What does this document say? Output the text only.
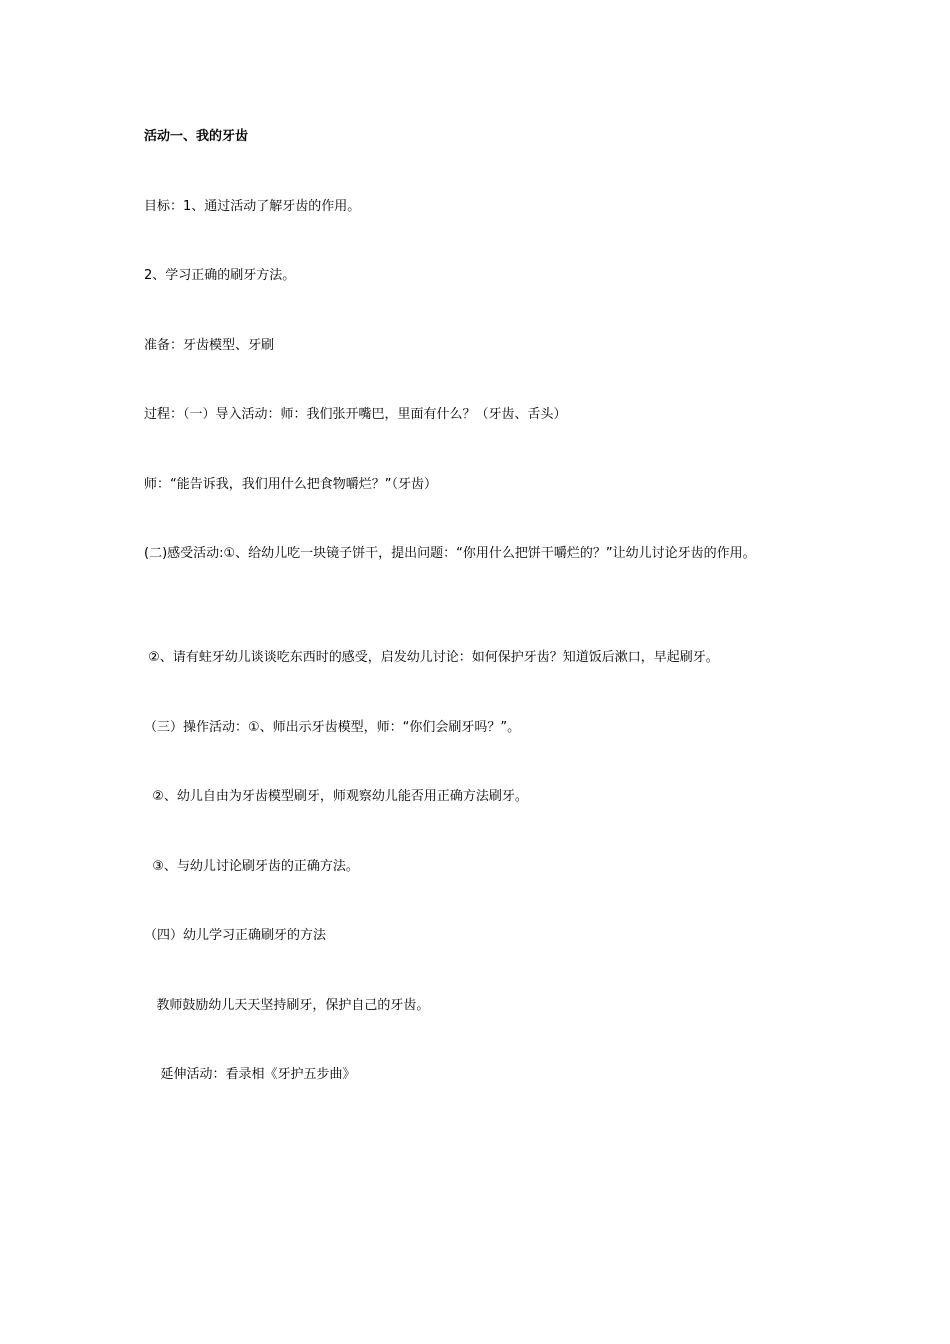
活动一、我的牙齿
目标：1、通过活动了解牙齿的作用。
2、学习正确的刷牙方法。
准备：牙齿模型、牙刷
过程：（一）导入活动：师：我们张开嘴巴，里面有什么？（牙齿、舌头）
师：“能告诉我，我们用什么把食物嚼烂？”（牙齿）
(二)感受活动:①、给幼儿吃一块镜子饼干，提出问题：“你用什么把饼干嚼烂的？”让幼儿讨论牙齿的作用。
②、请有蛀牙幼儿谈谈吃东西时的感受，启发幼儿讨论：如何保护牙齿？知道饭后漱口，早起刷牙。
（三）操作活动：①、师出示牙齿模型，师：“你们会刷牙吗？”。
②、幼儿自由为牙齿模型刷牙，师观察幼儿能否用正确方法刷牙。
③、与幼儿讨论刷牙齿的正确方法。
（四）幼儿学习正确刷牙的方法
教师鼓励幼儿天天坚持刷牙，保护自己的牙齿。
延伸活动：看录相《牙护五步曲》
